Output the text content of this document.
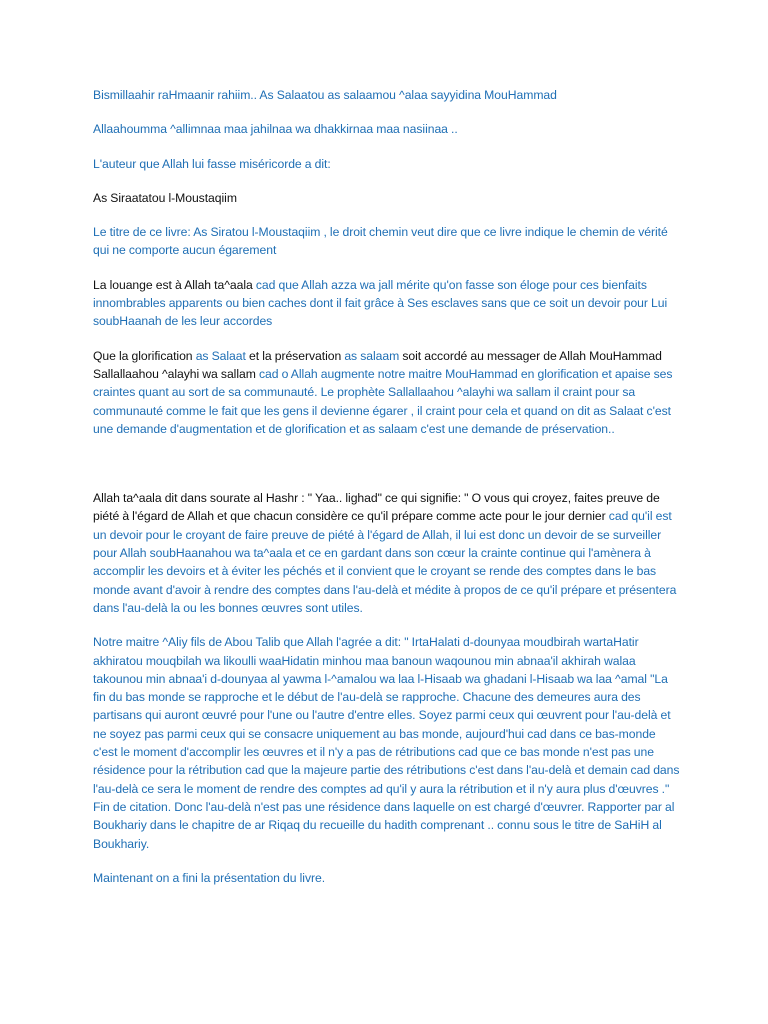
Bismillaahir raHmaanir rahiim.. As Salaatou as salaamou ^alaa sayyidina MouHammad

Allaahoumma ^allimnaa maa jahilnaa wa dhakkirnaa maa nasiinaa ..

L'auteur que Allah lui fasse miséricorde a dit:

As Siraatatou l-Moustaqiim

Le titre de ce livre: As Siratou l-Moustaqiim , le droit chemin veut dire que ce livre indique le chemin de vérité qui ne comporte aucun égarement

La louange est à Allah ta^aala cad que Allah azza wa jall mérite qu'on fasse son éloge pour ces bienfaits innombrables apparents ou bien caches dont il fait grâce à Ses esclaves sans que ce soit un devoir pour Lui soubHaanah de les leur accordes

Que la glorification as Salaat et la préservation as salaam soit accordé au messager de Allah MouHammad Sallallaahou ^alayhi wa sallam cad o Allah augmente notre maitre MouHammad en glorification et apaise ses craintes quant au sort de sa communauté. Le prophète Sallallaahou ^alayhi wa sallam il craint pour sa communauté comme le fait que les gens il devienne égarer , il craint pour cela et quand on dit as Salaat c'est une demande d'augmentation et de glorification et as salaam c'est une demande de préservation..

Allah ta^aala dit dans sourate al Hashr : " Yaa.. lighad" ce qui signifie: " O vous qui croyez, faites preuve de piété à l'égard de Allah et que chacun considère ce qu'il prépare comme acte pour le jour dernier cad qu'il est un devoir pour le croyant de faire preuve de piété à l'égard de Allah, il lui est donc un devoir de se surveiller pour Allah soubHaanahou wa ta^aala et ce en gardant dans son cœur la crainte continue qui l'amènera à accomplir les devoirs et à éviter les péchés et il convient que le croyant se rende des comptes dans le bas monde avant d'avoir à rendre des comptes dans l'au-delà et médite à propos de ce qu'il prépare et présentera dans l'au-delà la ou les bonnes œuvres sont utiles.

Notre maitre ^Aliy fils de Abou Talib que Allah l'agrée a dit: " IrtaHalati d-dounyaa moudbirah wartaHatir akhiratou mouqbilah wa likoulli waaHidatin minhou maa banoun waqounou min abnaa'il akhirah walaa takounou min abnaa'i d-dounyaa al yawma l-^amalou wa laa l-Hisaab wa ghadani l-Hisaab wa laa ^amal "La fin du bas monde se rapproche et le début de l'au-delà se rapproche. Chacune des demeures aura des partisans qui auront œuvré pour l'une ou l'autre d'entre elles. Soyez parmi ceux qui œuvrent pour l'au-delà et ne soyez pas parmi ceux qui se consacre uniquement au bas monde, aujourd'hui cad dans ce bas-monde c'est le moment d'accomplir les œuvres et il n'y a pas de rétributions cad que ce bas monde n'est pas une résidence pour la rétribution cad que la majeure partie des rétributions c'est dans l'au-delà et demain cad dans l'au-delà ce sera le moment de rendre des comptes ad qu'il y aura la rétribution et il n'y aura plus d'œuvres ." Fin de citation. Donc l'au-delà n'est pas une résidence dans laquelle on est chargé d'œuvrer. Rapporter par al Boukhariy dans le chapitre de ar Riqaq du recueille du hadith comprenant .. connu sous le titre de SaHiH al Boukhariy.

Maintenant on a fini la présentation du livre.
